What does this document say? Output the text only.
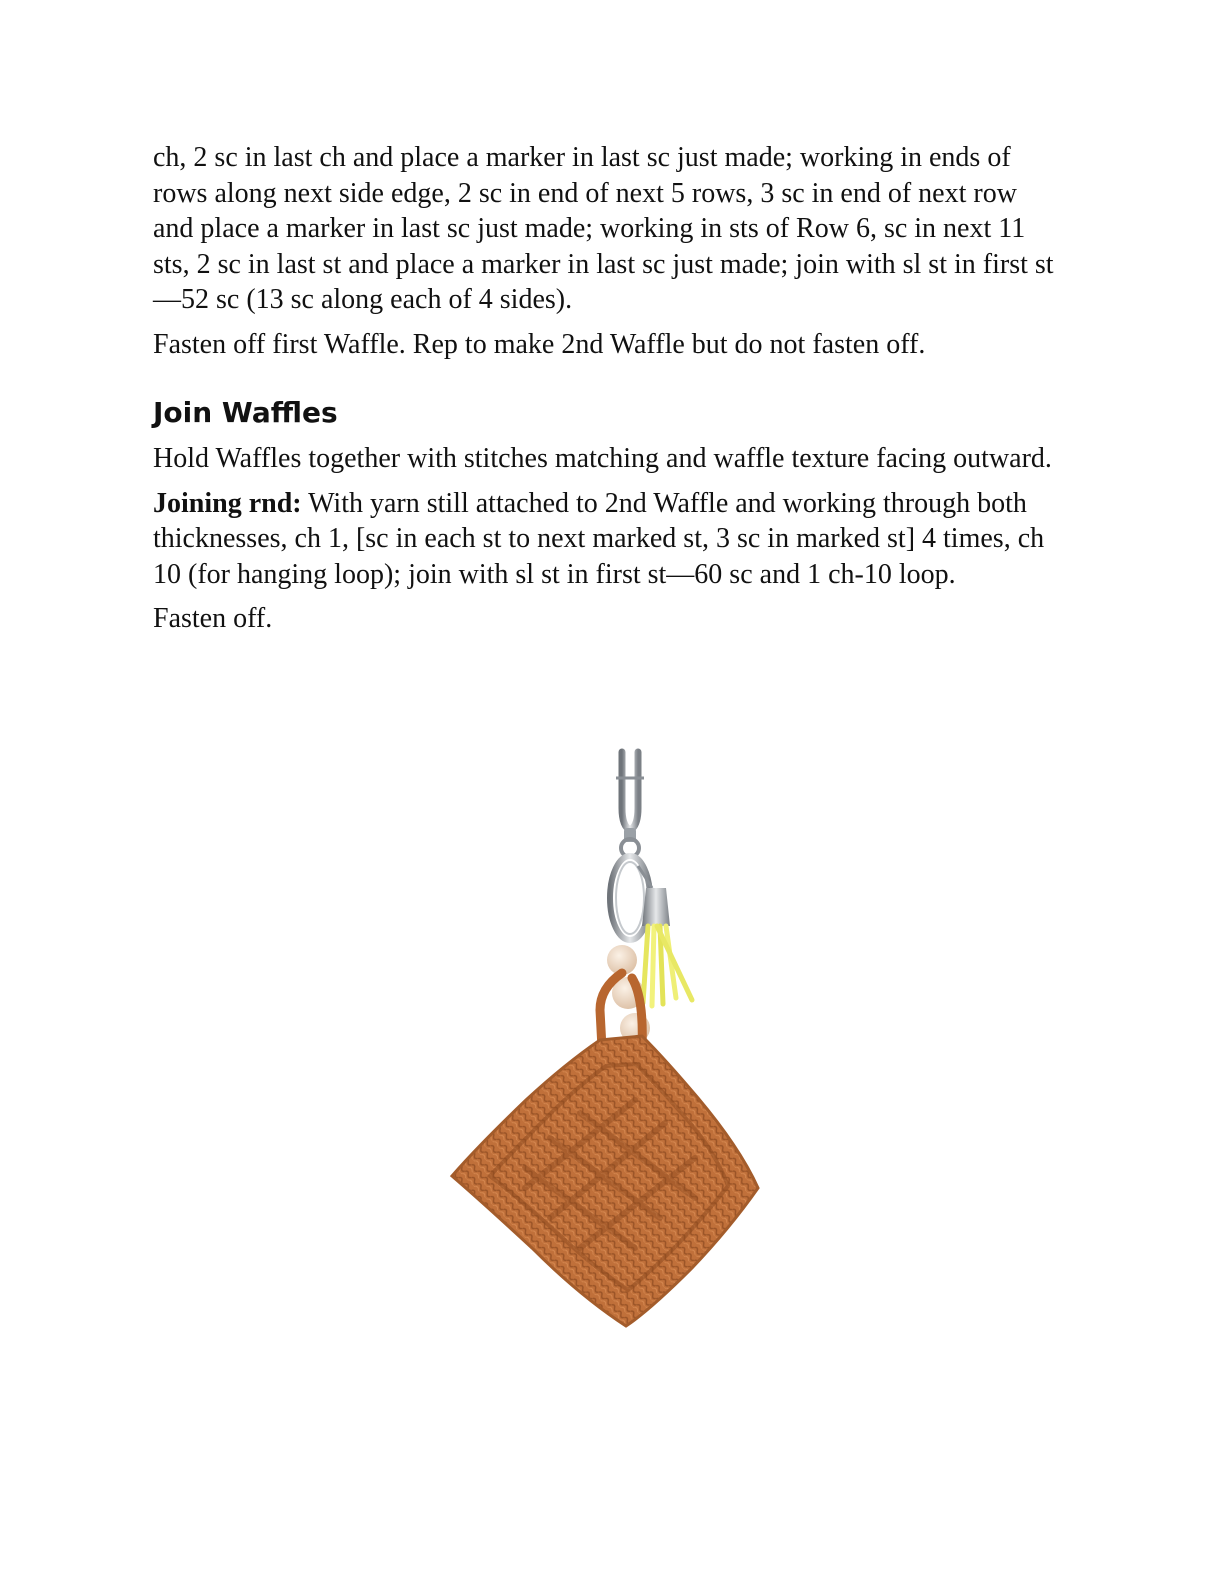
ch, 2 sc in last ch and place a marker in last sc just made; working in ends of rows along next side edge, 2 sc in end of next 5 rows, 3 sc in end of next row and place a marker in last sc just made; working in sts of Row 6, sc in next 11 sts, 2 sc in last st and place a marker in last sc just made; join with sl st in first st—52 sc (13 sc along each of 4 sides).

Fasten off first Waffle. Rep to make 2nd Waffle but do not fasten off.

Join Waffles

Hold Waffles together with stitches matching and waffle texture facing outward.

Joining rnd: With yarn still attached to 2nd Waffle and working through both thicknesses, ch 1, [sc in each st to next marked st, 3 sc in marked st] 4 times, ch 10 (for hanging loop); join with sl st in first st—60 sc and 1 ch-10 loop.

Fasten off.
